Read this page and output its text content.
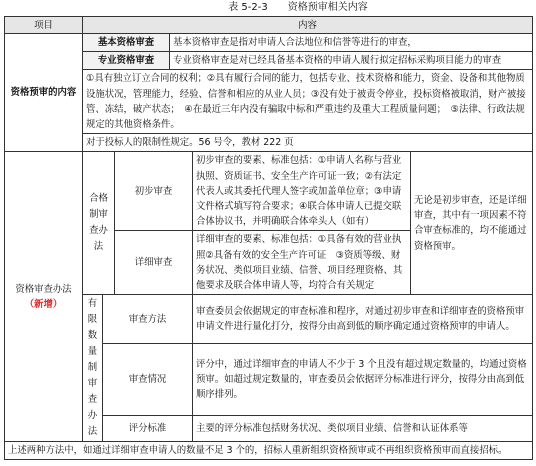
表 5-2-3　　资格预审相关内容
项目	内容					
资格预审的内容	基本资格审查			基本资格审查是指对申请人合法地位和信誉等进行的审查，		
	专业资格审查			专业资格审查是对已经具备基本资格的申请人履行拟定招标采购项目能力的审查		
	①具有独立订立合同的权利；②具有履行合同的能力，包括专业、技术资格和能力，资金、设备和其他物质设施状况，管理能力，经验、信誉和相应的从业人员；③没有处于被责令停业，投标资格被取消，财产被接管、冻结，破产状态；　④在最近三年内没有骗取中标和严重违约及重大工程质量问题；　⑤法律、行政法规规定的其他资格条件。					
	对于投标人的限制性规定。56 号令，教材 222 页					

资格审查办法
（新增）	合格制审查办法		初步审查		初步审查的要素、标准包括：①申请人名称与营业执照、资质证书、安全生产许可证一致；②有法定代表人或其委托代理人签字或加盖单位章；③申请文件格式填写符合要求；④联合体申请人已提交联合体协议书，并明确联合体牵头人（如有）	无论是初步审查，还是详细审查，其中有一项因素不符合审查标准的，均不能通过资格预审。
			详细审查		详细审查的要素、标准包括：①具备有效的营业执照②具备有效的安全生产许可证　③资质等级、财务状况、类似项目业绩、信誉、项目经理资格、其他要求及联合体申请人等，均符合有关规定	
	有限数量制审查办法	审查方法			审查委员会依据规定的审查标准和程序，对通过初步审查和详细审查的资格预审申请文件进行量化打分，按得分由高到低的顺序确定通过资格预审的申请人。	
		审查情况			评分中，通过详细审查的申请人不少于 3 个且没有超过规定数量的，均通过资格预审。如超过规定数量的，审查委员会依据评分标准进行评分，按得分由高到低顺序排列。	
		评分标准			主要的评分标准包括财务状况、类似项目业绩、信誉和认证体系等	
上述两种方法中，如通过详细审查申请人的数量不足 3 个的，招标人重新组织资格预审或不再组织资格预审而直接招标。						
